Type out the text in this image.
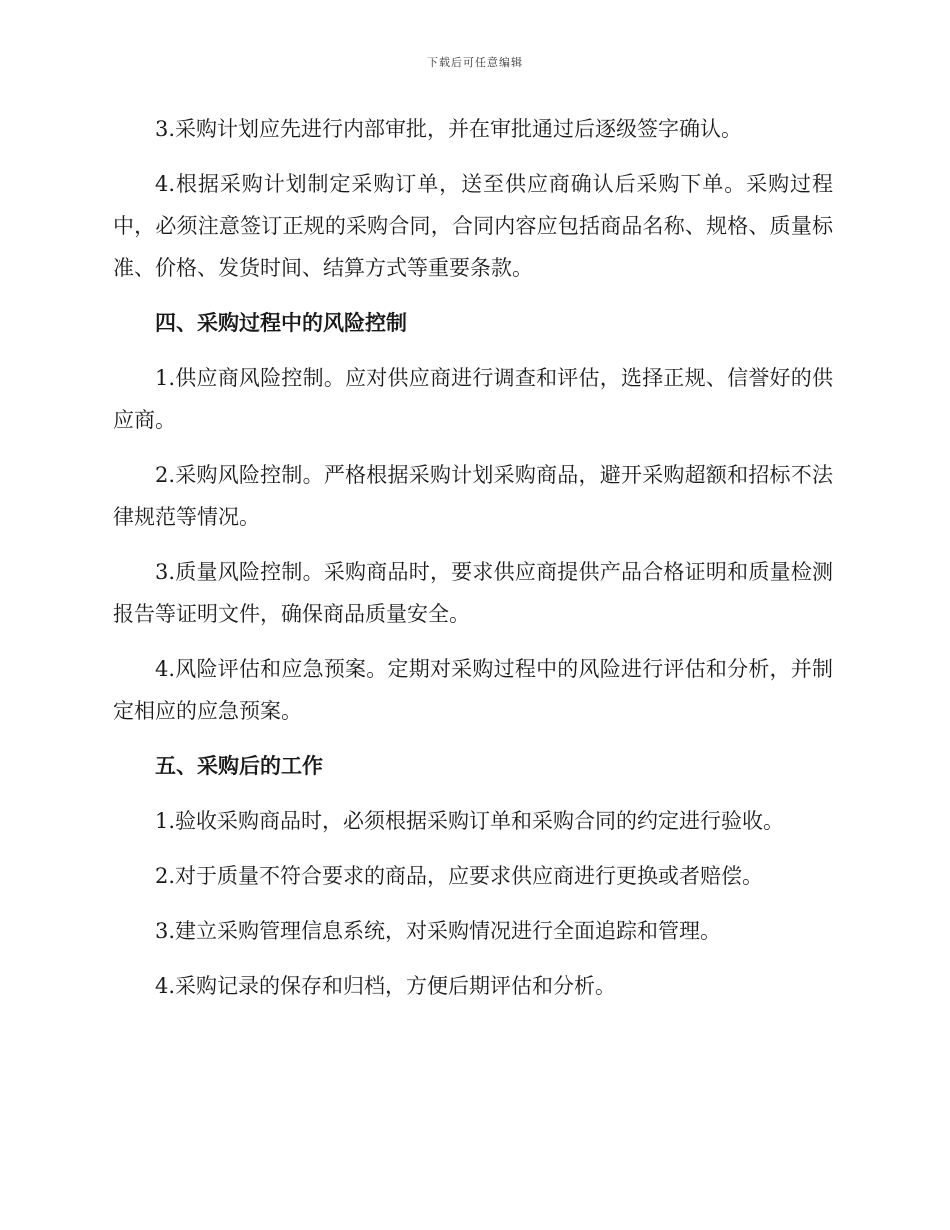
下载后可任意编辑

3.采购计划应先进行内部审批，并在审批通过后逐级签字确认。

4.根据采购计划制定采购订单，送至供应商确认后采购下单。采购过程中，必须注意签订正规的采购合同，合同内容应包括商品名称、规格、质量标准、价格、发货时间、结算方式等重要条款。

四、采购过程中的风险控制

1.供应商风险控制。应对供应商进行调查和评估，选择正规、信誉好的供应商。

2.采购风险控制。严格根据采购计划采购商品，避开采购超额和招标不法律规范等情况。

3.质量风险控制。采购商品时，要求供应商提供产品合格证明和质量检测报告等证明文件，确保商品质量安全。

4.风险评估和应急预案。定期对采购过程中的风险进行评估和分析，并制定相应的应急预案。

五、采购后的工作

1.验收采购商品时，必须根据采购订单和采购合同的约定进行验收。

2.对于质量不符合要求的商品，应要求供应商进行更换或者赔偿。

3.建立采购管理信息系统，对采购情况进行全面追踪和管理。

4.采购记录的保存和归档，方便后期评估和分析。
